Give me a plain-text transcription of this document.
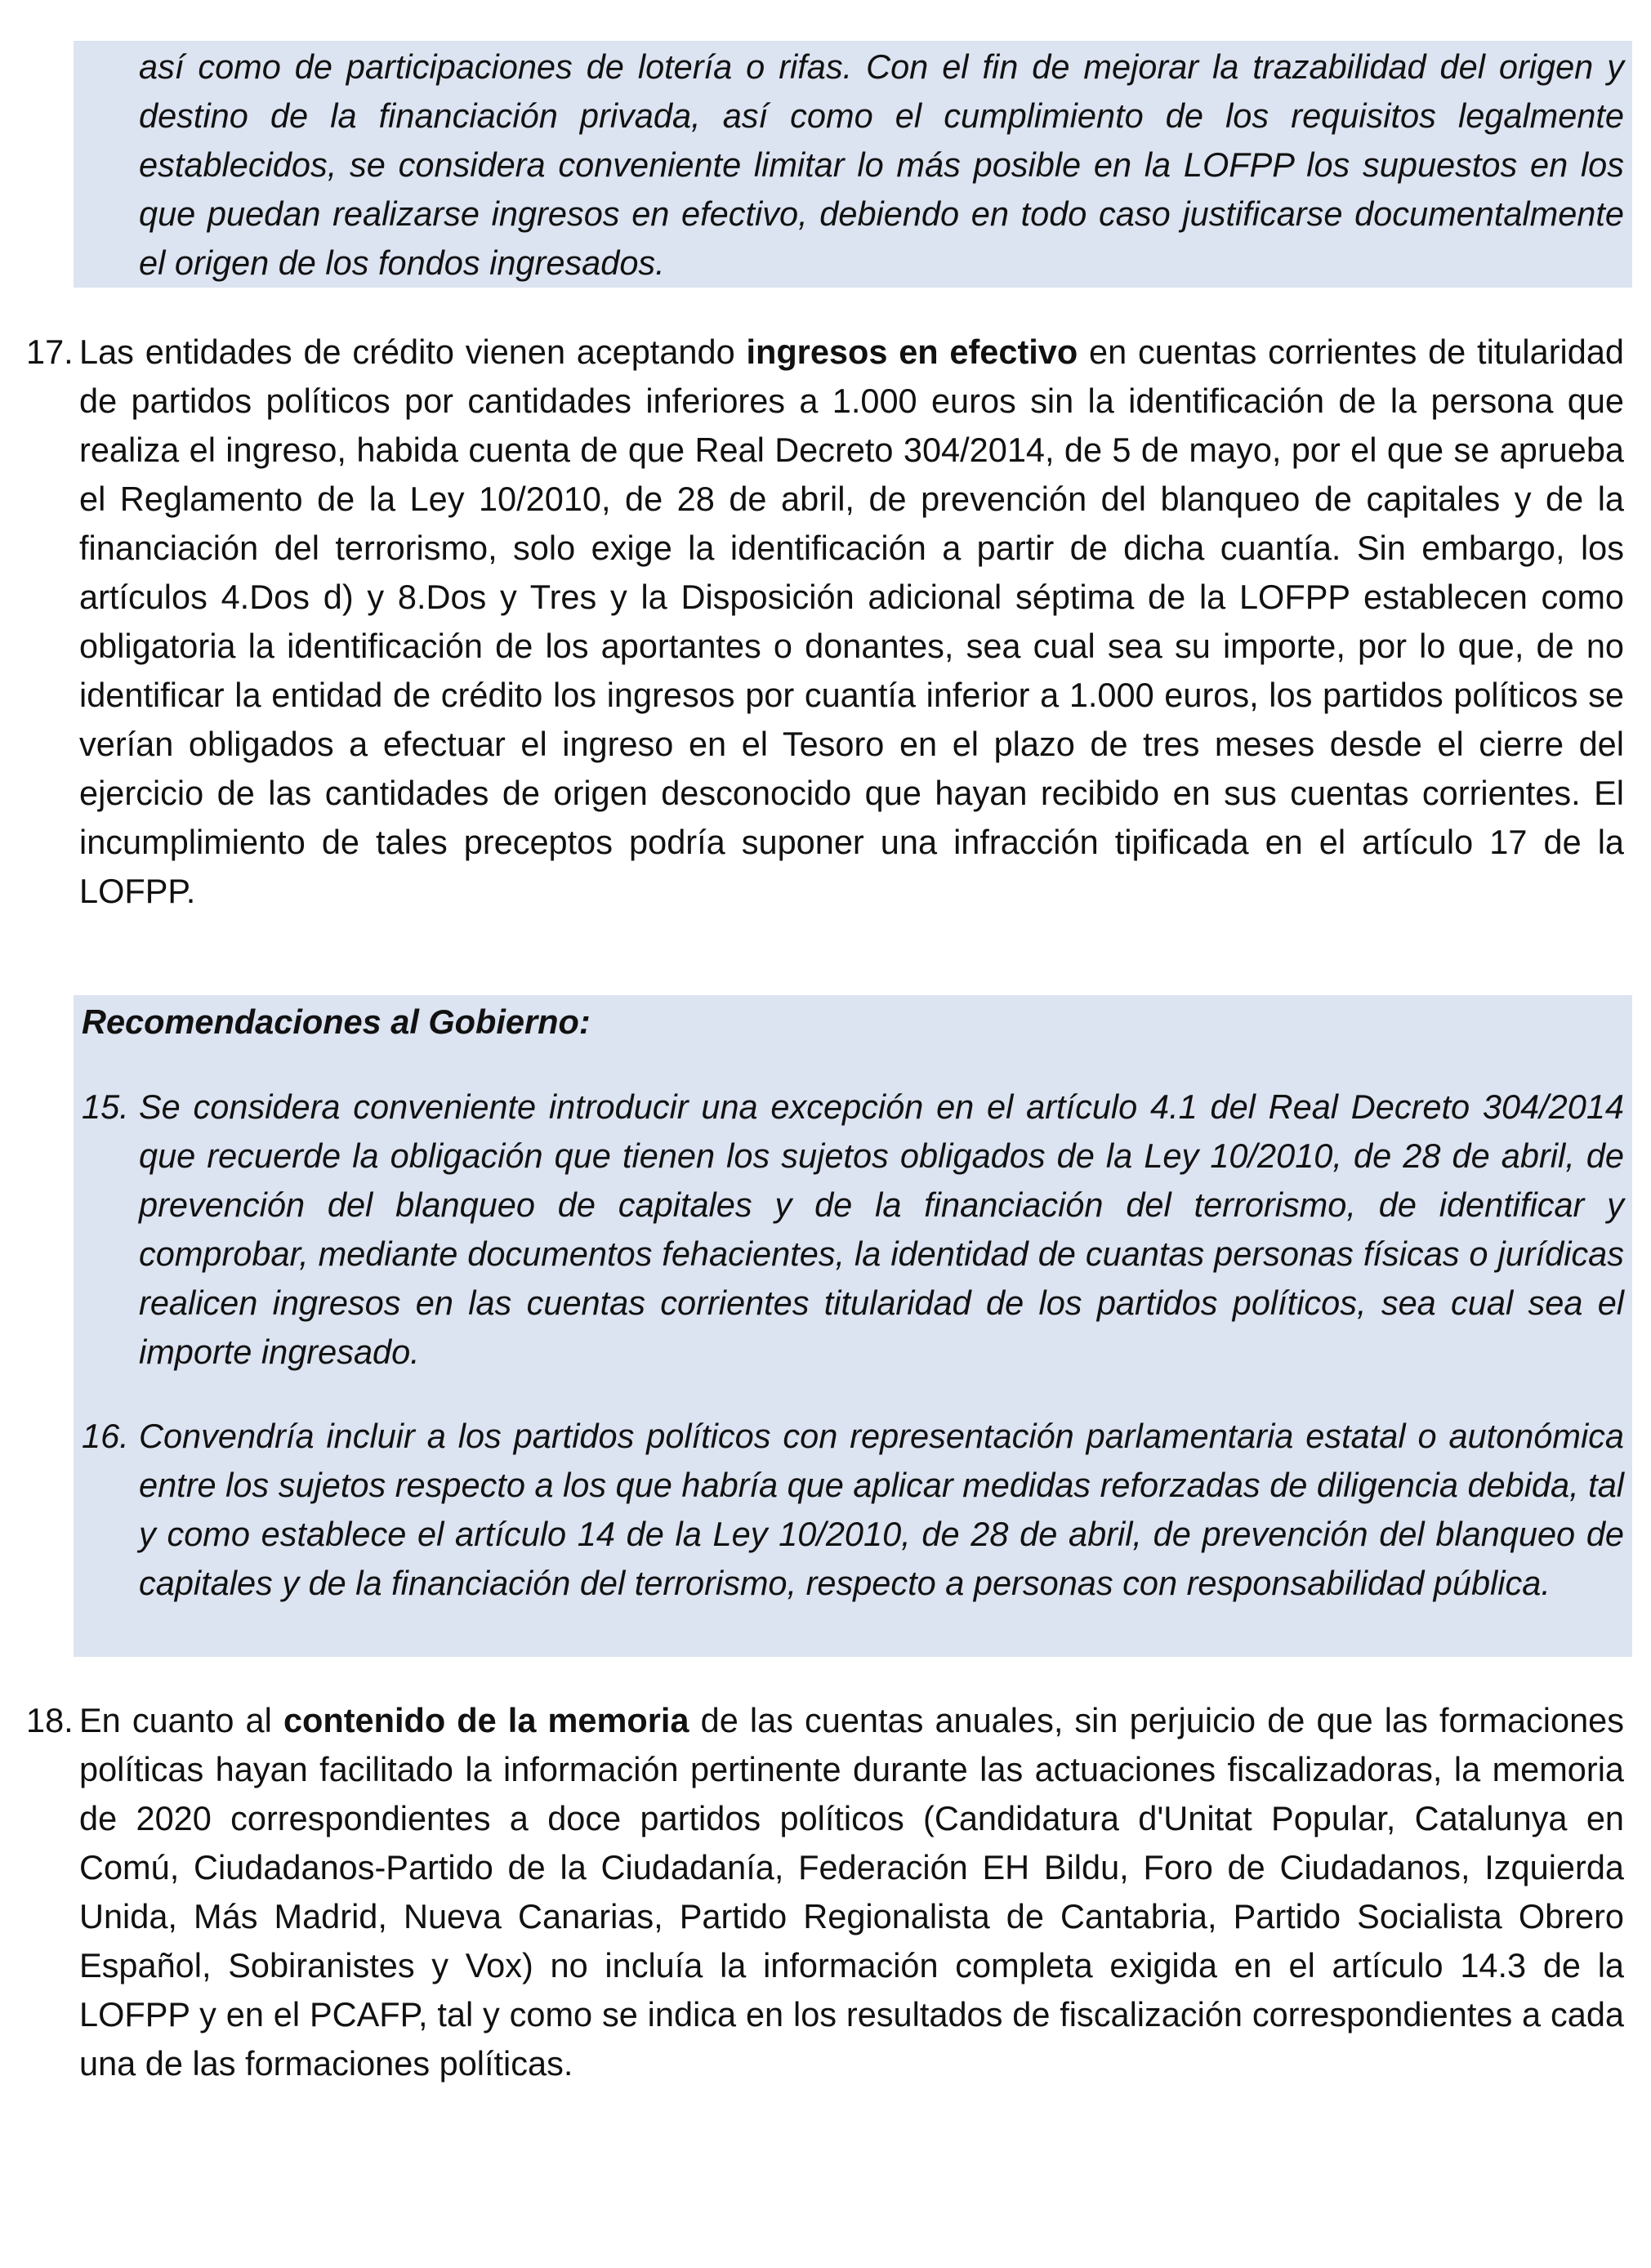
así como de participaciones de lotería o rifas. Con el fin de mejorar la trazabilidad del origen y destino de la financiación privada, así como el cumplimiento de los requisitos legalmente establecidos, se considera conveniente limitar lo más posible en la LOFPP los supuestos en los que puedan realizarse ingresos en efectivo, debiendo en todo caso justificarse documentalmente el origen de los fondos ingresados.
17. Las entidades de crédito vienen aceptando ingresos en efectivo en cuentas corrientes de titularidad de partidos políticos por cantidades inferiores a 1.000 euros sin la identificación de la persona que realiza el ingreso, habida cuenta de que Real Decreto 304/2014, de 5 de mayo, por el que se aprueba el Reglamento de la Ley 10/2010, de 28 de abril, de prevención del blanqueo de capitales y de la financiación del terrorismo, solo exige la identificación a partir de dicha cuantía. Sin embargo, los artículos 4.Dos d) y 8.Dos y Tres y la Disposición adicional séptima de la LOFPP establecen como obligatoria la identificación de los aportantes o donantes, sea cual sea su importe, por lo que, de no identificar la entidad de crédito los ingresos por cuantía inferior a 1.000 euros, los partidos políticos se verían obligados a efectuar el ingreso en el Tesoro en el plazo de tres meses desde el cierre del ejercicio de las cantidades de origen desconocido que hayan recibido en sus cuentas corrientes. El incumplimiento de tales preceptos podría suponer una infracción tipificada en el artículo 17 de la LOFPP.
Recomendaciones al Gobierno:
15. Se considera conveniente introducir una excepción en el artículo 4.1 del Real Decreto 304/2014 que recuerde la obligación que tienen los sujetos obligados de la Ley 10/2010, de 28 de abril, de prevención del blanqueo de capitales y de la financiación del terrorismo, de identificar y comprobar, mediante documentos fehacientes, la identidad de cuantas personas físicas o jurídicas realicen ingresos en las cuentas corrientes titularidad de los partidos políticos, sea cual sea el importe ingresado.
16. Convendría incluir a los partidos políticos con representación parlamentaria estatal o autonómica entre los sujetos respecto a los que habría que aplicar medidas reforzadas de diligencia debida, tal y como establece el artículo 14 de la Ley 10/2010, de 28 de abril, de prevención del blanqueo de capitales y de la financiación del terrorismo, respecto a personas con responsabilidad pública.
18. En cuanto al contenido de la memoria de las cuentas anuales, sin perjuicio de que las formaciones políticas hayan facilitado la información pertinente durante las actuaciones fiscalizadoras, la memoria de 2020 correspondientes a doce partidos políticos (Candidatura d'Unitat Popular, Catalunya en Comú, Ciudadanos-Partido de la Ciudadanía, Federación EH Bildu, Foro de Ciudadanos, Izquierda Unida, Más Madrid, Nueva Canarias, Partido Regionalista de Cantabria, Partido Socialista Obrero Español, Sobiranistes y Vox) no incluía la información completa exigida en el artículo 14.3 de la LOFPP y en el PCAFP, tal y como se indica en los resultados de fiscalización correspondientes a cada una de las formaciones políticas.
